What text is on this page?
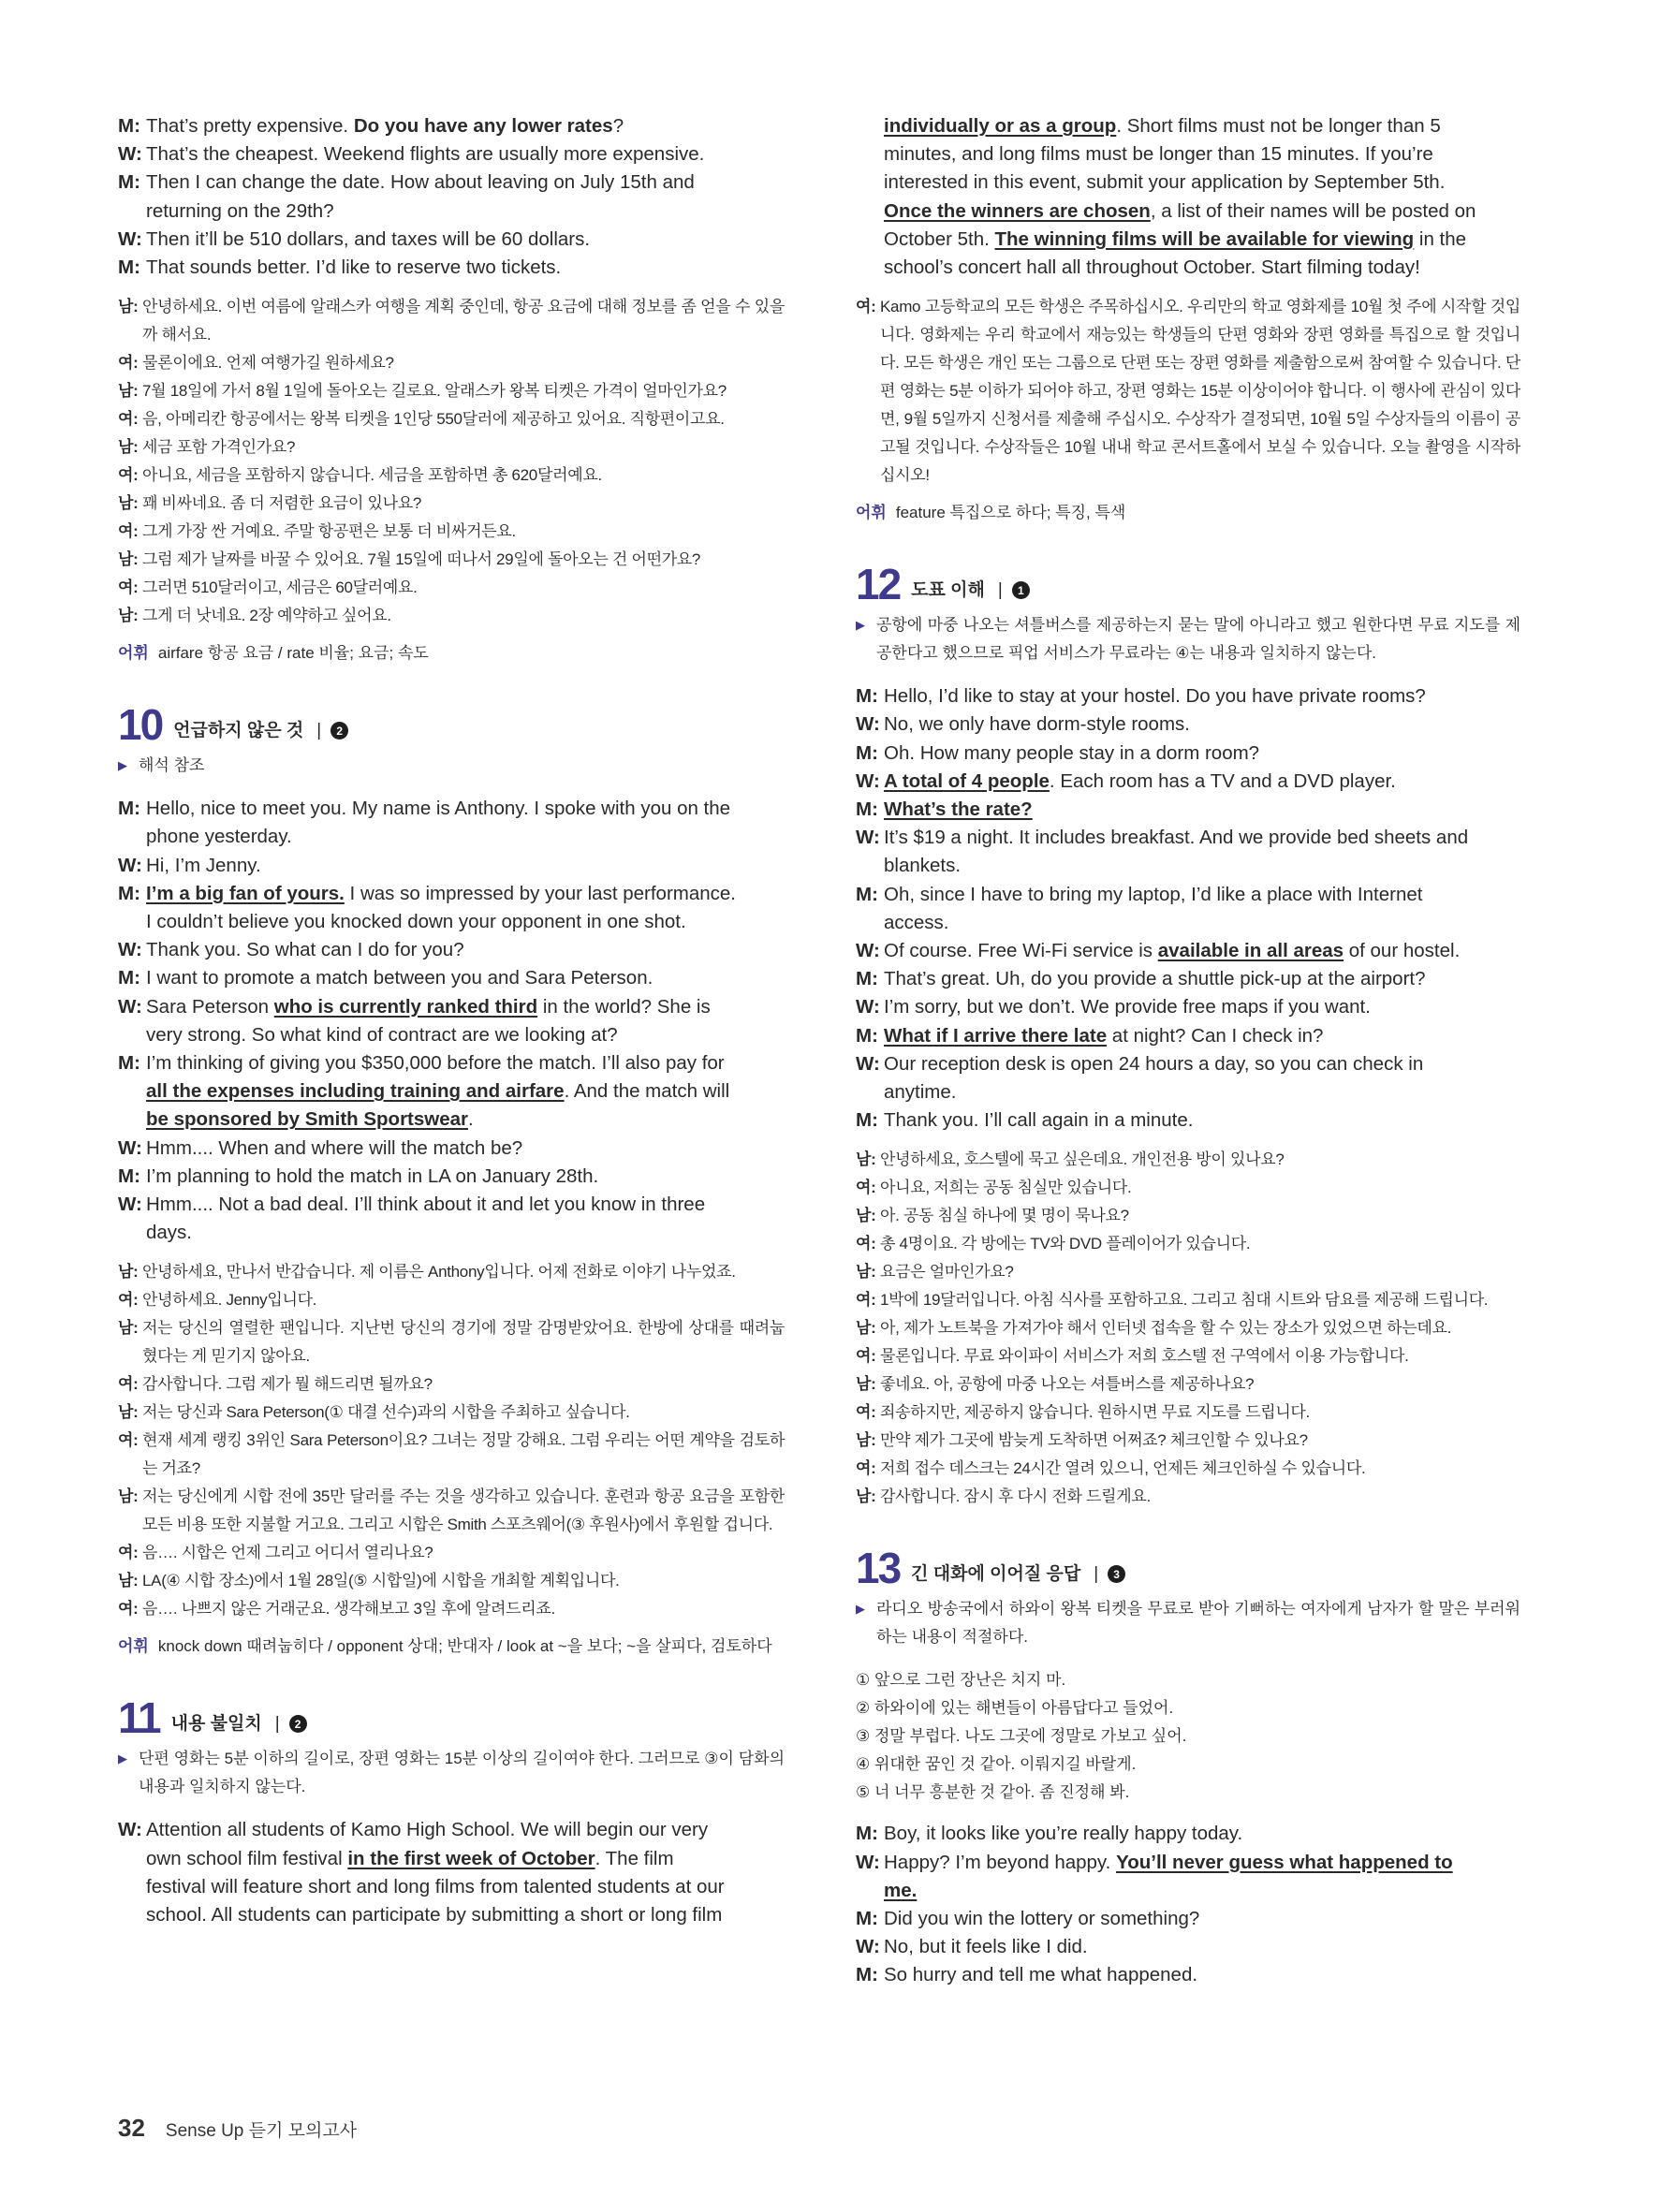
M: That’s pretty expensive. Do you have any lower rates?
W: That’s the cheapest. Weekend flights are usually more expensive.
M: Then I can change the date. How about leaving on July 15th and
returning on the 29th?
W: Then it’ll be 510 dollars, and taxes will be 60 dollars.
M: That sounds better. I’d like to reserve two tickets.
남: 안녕하세요. 이번 여름에 알래스카 여행을 계획 중인데, 항공 요금에 대해 정보를 좀 얻을 수 있을까 해서요.
여: 물론이에요. 언제 여행가길 원하세요?
남: 7월 18일에 가서 8월 1일에 돌아오는 길로요. 알래스카 왕복 티켓은 가격이 얼마인가요?
여: 음, 아메리칸 항공에서는 왕복 티켓을 1인당 550달러에 제공하고 있어요. 직항편이고요.
남: 세금 포함 가격인가요?
여: 아니요, 세금을 포함하지 않습니다. 세금을 포함하면 총 620달러예요.
남: 꽤 비싸네요. 좀 더 저렴한 요금이 있나요?
여: 그게 가장 싼 거예요. 주말 항공편은 보통 더 비싸거든요.
남: 그럼 제가 날짜를 바꿀 수 있어요. 7월 15일에 떠나서 29일에 돌아오는 건 어떤가요?
여: 그러면 510달러이고, 세금은 60달러예요.
남: 그게 더 낫네요. 2장 예약하고 싶어요.
어휘 airfare 항공 요금 / rate 비율; 요금; 속도
10 언급하지 않은 것 |	2
▶ 해석 참조
M: Hello, nice to meet you. My name is Anthony. I spoke with you on the
phone yesterday.
W: Hi, I’m Jenny.
M: I’m a big fan of yours. I was so impressed by your last performance.
I couldn’t believe you knocked down your opponent in one shot.
W: Thank you. So what can I do for you?
M: I want to promote a match between you and Sara Peterson.
W: Sara Peterson who is currently ranked third in the world? She is
very strong. So what kind of contract are we looking at?
M: I’m thinking of giving you $350,000 before the match. I’ll also pay for
all the expenses including training and airfare. And the match will
be sponsored by Smith Sportswear.
W: Hmm.... When and where will the match be?
M: I’m planning to hold the match in LA on January 28th.
W: Hmm.... Not a bad deal. I’ll think about it and let you know in three
days.
남: 안녕하세요, 만나서 반갑습니다. 제 이름은 Anthony입니다. 어제 전화로 이야기 나누었죠.
여: 안녕하세요. Jenny입니다.
남: 저는 당신의 열렬한 팬입니다. 지난번 당신의 경기에 정말 감명받았어요. 한방에 상대를 때려눕혔다는 게 믿기지 않아요.
여: 감사합니다. 그럼 제가 뭘 해드리면 될까요?
남: 저는 당신과 Sara Peterson(① 대결 선수)과의 시합을 주최하고 싶습니다.
여: 현재 세계 랭킹 3위인 Sara Peterson이요? 그녀는 정말 강해요. 그럼 우리는 어떤 계약을 검토하는 거죠?
남: 저는 당신에게 시합 전에 35만 달러를 주는 것을 생각하고 있습니다. 훈련과 항공 요금을 포함한 모든 비용 또한 지불할 거고요. 그리고 시합은 Smith 스포츠웨어(③ 후원사)에서 후원할 겁니다.
여: 음…. 시합은 언제 그리고 어디서 열리나요?
남: LA(④ 시합 장소)에서 1월 28일(⑤ 시합일)에 시합을 개최할 계획입니다.
여: 음…. 나쁘지 않은 거래군요. 생각해보고 3일 후에 알려드리죠.
어휘 knock down 때려눕히다 / opponent 상대; 반대자 / look at ~을 보다; ~을 살피다, 검토하다
11 내용 불일치 |	2
▶ 단편 영화는 5분 이하의 길이로, 장편 영화는 15분 이상의 길이여야 한다. 그러므로 ③이 담화의 내용과 일치하지 않는다.
W: Attention all students of Kamo High School. We will begin our very
own school film festival in the first week of October. The film
festival will feature short and long films from talented students at our
school. All students can participate by submitting a short or long film
individually or as a group. Short films must not be longer than 5
minutes, and long films must be longer than 15 minutes. If you’re
interested in this event, submit your application by September 5th.
Once the winners are chosen, a list of their names will be posted on
October 5th. The winning films will be available for viewing in the
school’s concert hall all throughout October. Start filming today!
여: Kamo 고등학교의 모든 학생은 주목하십시오. 우리만의 학교 영화제를 10월 첫 주에 시작할 것입니다. 영화제는 우리 학교에서 재능있는 학생들의 단편 영화와 장편 영화를 특집으로 할 것입니다. 모든 학생은 개인 또는 그룹으로 단편 또는 장편 영화를 제출함으로써 참여할 수 있습니다. 단편 영화는 5분 이하가 되어야 하고, 장편 영화는 15분 이상이어야 합니다. 이 행사에 관심이 있다면, 9월 5일까지 신청서를 제출해 주십시오. 수상작가 결정되면, 10월 5일 수상자들의 이름이 공고될 것입니다. 수상작들은 10월 내내 학교 콘서트홀에서 보실 수 있습니다. 오늘 촬영을 시작하십시오!
어휘 feature 특집으로 하다; 특징, 특색
12 도표 이해 |	1
▶ 공항에 마중 나오는 셔틀버스를 제공하는지 묻는 말에 아니라고 했고 원한다면 무료 지도를 제공한다고 했으므로 픽업 서비스가 무료라는 ④는 내용과 일치하지 않는다.
M: Hello, I’d like to stay at your hostel. Do you have private rooms?
W: No, we only have dorm-style rooms.
M: Oh. How many people stay in a dorm room?
W: A total of 4 people. Each room has a TV and a DVD player.
M: What’s the rate?
W: It’s $19 a night. It includes breakfast. And we provide bed sheets and
blankets.
M: Oh, since I have to bring my laptop, I’d like a place with Internet
access.
W: Of course. Free Wi-Fi service is available in all areas of our hostel.
M: That’s great. Uh, do you provide a shuttle pick-up at the airport?
W: I’m sorry, but we don’t. We provide free maps if you want.
M: What if I arrive there late at night? Can I check in?
W: Our reception desk is open 24 hours a day, so you can check in
anytime.
M: Thank you. I’ll call again in a minute.
남: 안녕하세요, 호스텔에 묵고 싶은데요. 개인전용 방이 있나요?
여: 아니요, 저희는 공동 침실만 있습니다.
남: 아. 공동 침실 하나에 몇 명이 묵나요?
여: 총 4명이요. 각 방에는 TV와 DVD 플레이어가 있습니다.
남: 요금은 얼마인가요?
여: 1박에 19달러입니다. 아침 식사를 포함하고요. 그리고 침대 시트와 담요를 제공해 드립니다.
남: 아, 제가 노트북을 가져가야 해서 인터넷 접속을 할 수 있는 장소가 있었으면 하는데요.
여: 물론입니다. 무료 와이파이 서비스가 저희 호스텔 전 구역에서 이용 가능합니다.
남: 좋네요. 아, 공항에 마중 나오는 셔틀버스를 제공하나요?
여: 죄송하지만, 제공하지 않습니다. 원하시면 무료 지도를 드립니다.
남: 만약 제가 그곳에 밤늦게 도착하면 어쩌죠? 체크인할 수 있나요?
여: 저희 접수 데스크는 24시간 열려 있으니, 언제든 체크인하실 수 있습니다.
남: 감사합니다. 잠시 후 다시 전화 드릴게요.
13 긴 대화에 이어질 응답 |	3
▶ 라디오 방송국에서 하와이 왕복 티켓을 무료로 받아 기뻐하는 여자에게 남자가 할 말은 부러워하는 내용이 적절하다.
① 앞으로 그런 장난은 치지 마.
② 하와이에 있는 해변들이 아름답다고 들었어.
③ 정말 부럽다. 나도 그곳에 정말로 가보고 싶어.
④ 위대한 꿈인 것 같아. 이뤄지길 바랄게.
⑤ 너 너무 흥분한 것 같아. 좀 진정해 봐.
M: Boy, it looks like you’re really happy today.
W: Happy? I’m beyond happy. You’ll never guess what happened to
me.
M: Did you win the lottery or something?
W: No, but it feels like I did.
M: So hurry and tell me what happened.
32 Sense Up 듣기 모의고사
